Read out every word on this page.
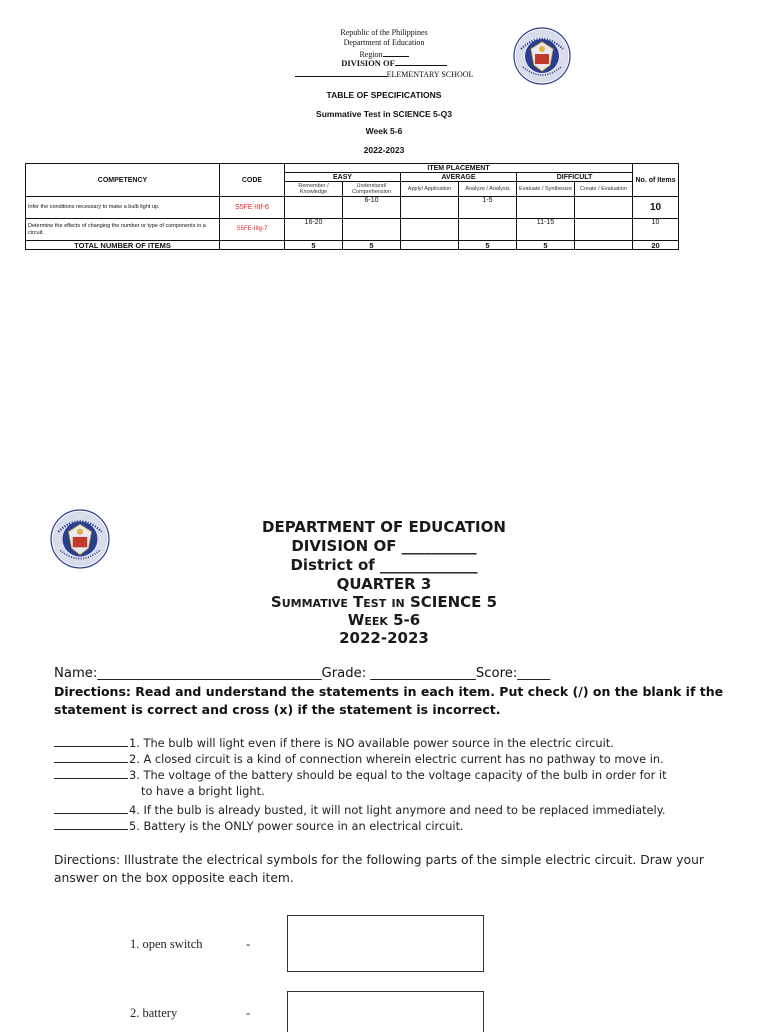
Republic of the Philippines
Department of Education
Region
DIVISION OF
ELEMENTARY SCHOOL
TABLE OF SPECIFICATIONS
Summative Test in SCIENCE 5-Q3
Week 5-6
2022-2023
COMPETENCY	CODE	ITEM PLACEMENT						No. of Items
		EASY		AVERAGE		DIFFICULT		
		Remember / Knowledge	Understand/ Comprehension	Apply/ Application	Analyze / Analysis	Evaluate / Synthesize	Create / Evaluation	
Infer the conditions necessary to make a bulb light up.	S5FE-IIIf-6		6-10		1-5			10
Determine the effects of changing the number or type of components in a circuit.	S5FE-IIIg-7	16-20				11-15		10
TOTAL NUMBER OF ITEMS		5	5		5	5		20
DEPARTMENT OF EDUCATION
DIVISION OF __________
District of _____________
QUARTER 3
Summative Test in SCIENCE 5
Week 5-6
2022-2023
Name:__________________________________Grade: ________________Score:_____
Directions: Read and understand the statements in each item. Put check (/) on the blank if the statement is correct and cross (x) if the statement is incorrect.
1. The bulb will light even if there is NO available power source in the electric circuit.
2. A closed circuit is a kind of connection wherein electric current has no pathway to move in.
3. The voltage of the battery should be equal to the voltage capacity of the bulb in order for it
to have a bright light.
4. If the bulb is already busted, it will not light anymore and need to be replaced immediately.
5. Battery is the ONLY power source in an electrical circuit.
Directions: Illustrate the electrical symbols for the following parts of the simple electric circuit. Draw your answer on the box opposite each item.
1. open switch	-
2. battery	-
